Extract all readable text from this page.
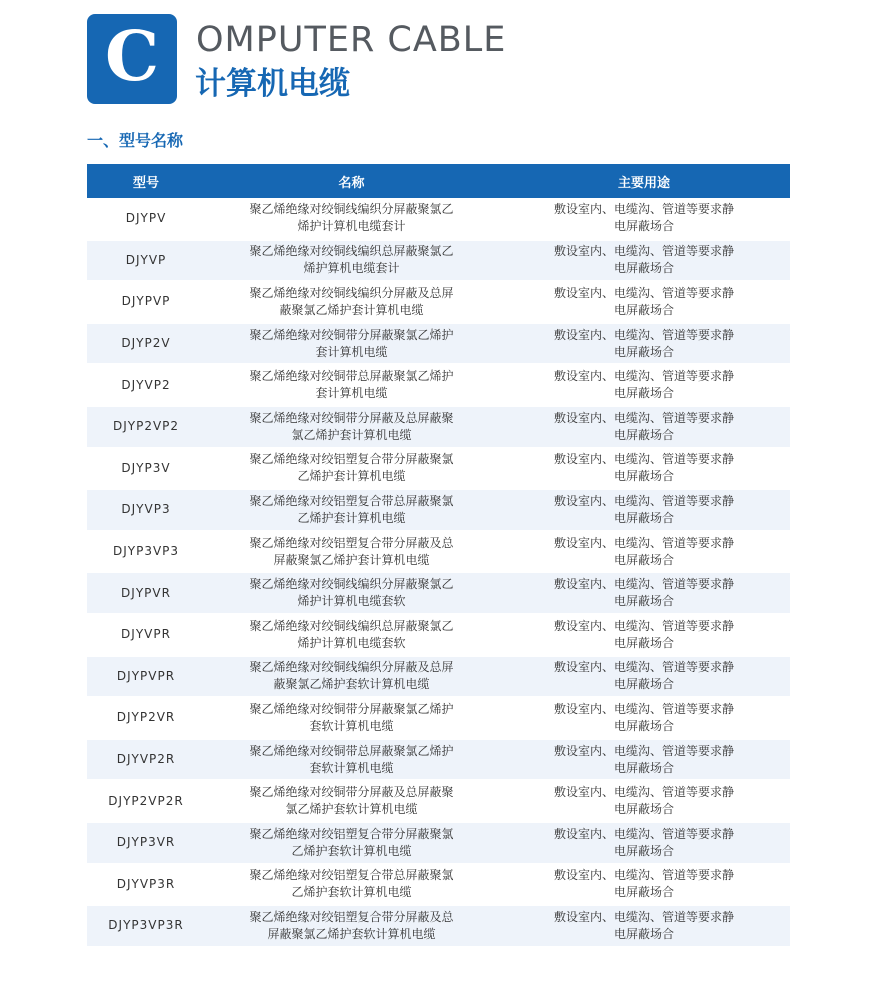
C OMPUTER CABLE
计算机电缆
一、型号名称
型号	名称	主要用途
DJYPV	聚乙烯绝缘对绞铜线编织分屏蔽聚氯乙烯护计算机电缆套计	敷设室内、电缆沟、管道等要求静电屏蔽场合
DJYVP	聚乙烯绝缘对绞铜线编织总屏蔽聚氯乙烯护算机电缆套计	敷设室内、电缆沟、管道等要求静电屏蔽场合
DJYPVP	聚乙烯绝缘对绞铜线编织分屏蔽及总屏蔽聚氯乙烯护套计算机电缆	敷设室内、电缆沟、管道等要求静电屏蔽场合
DJYP2V	聚乙烯绝缘对绞铜带分屏蔽聚氯乙烯护套计算机电缆	敷设室内、电缆沟、管道等要求静电屏蔽场合
DJYVP2	聚乙烯绝缘对绞铜带总屏蔽聚氯乙烯护套计算机电缆	敷设室内、电缆沟、管道等要求静电屏蔽场合
DJYP2VP2	聚乙烯绝缘对绞铜带分屏蔽及总屏蔽聚氯乙烯护套计算机电缆	敷设室内、电缆沟、管道等要求静电屏蔽场合
DJYP3V	聚乙烯绝缘对绞铝塑复合带分屏蔽聚氯乙烯护套计算机电缆	敷设室内、电缆沟、管道等要求静电屏蔽场合
DJYVP3	聚乙烯绝缘对绞铝塑复合带总屏蔽聚氯乙烯护套计算机电缆	敷设室内、电缆沟、管道等要求静电屏蔽场合
DJYP3VP3	聚乙烯绝缘对绞铝塑复合带分屏蔽及总屏蔽聚氯乙烯护套计算机电缆	敷设室内、电缆沟、管道等要求静电屏蔽场合
DJYPVR	聚乙烯绝缘对绞铜线编织分屏蔽聚氯乙烯护计算机电缆套软	敷设室内、电缆沟、管道等要求静电屏蔽场合
DJYVPR	聚乙烯绝缘对绞铜线编织总屏蔽聚氯乙烯护计算机电缆套软	敷设室内、电缆沟、管道等要求静电屏蔽场合
DJYPVPR	聚乙烯绝缘对绞铜线编织分屏蔽及总屏蔽聚氯乙烯护套软计算机电缆	敷设室内、电缆沟、管道等要求静电屏蔽场合
DJYP2VR	聚乙烯绝缘对绞铜带分屏蔽聚氯乙烯护套软计算机电缆	敷设室内、电缆沟、管道等要求静电屏蔽场合
DJYVP2R	聚乙烯绝缘对绞铜带总屏蔽聚氯乙烯护套软计算机电缆	敷设室内、电缆沟、管道等要求静电屏蔽场合
DJYP2VP2R	聚乙烯绝缘对绞铜带分屏蔽及总屏蔽聚氯乙烯护套软计算机电缆	敷设室内、电缆沟、管道等要求静电屏蔽场合
DJYP3VR	聚乙烯绝缘对绞铝塑复合带分屏蔽聚氯乙烯护套软计算机电缆	敷设室内、电缆沟、管道等要求静电屏蔽场合
DJYVP3R	聚乙烯绝缘对绞铝塑复合带总屏蔽聚氯乙烯护套软计算机电缆	敷设室内、电缆沟、管道等要求静电屏蔽场合
DJYP3VP3R	聚乙烯绝缘对绞铝塑复合带分屏蔽及总屏蔽聚氯乙烯护套软计算机电缆	敷设室内、电缆沟、管道等要求静电屏蔽场合
